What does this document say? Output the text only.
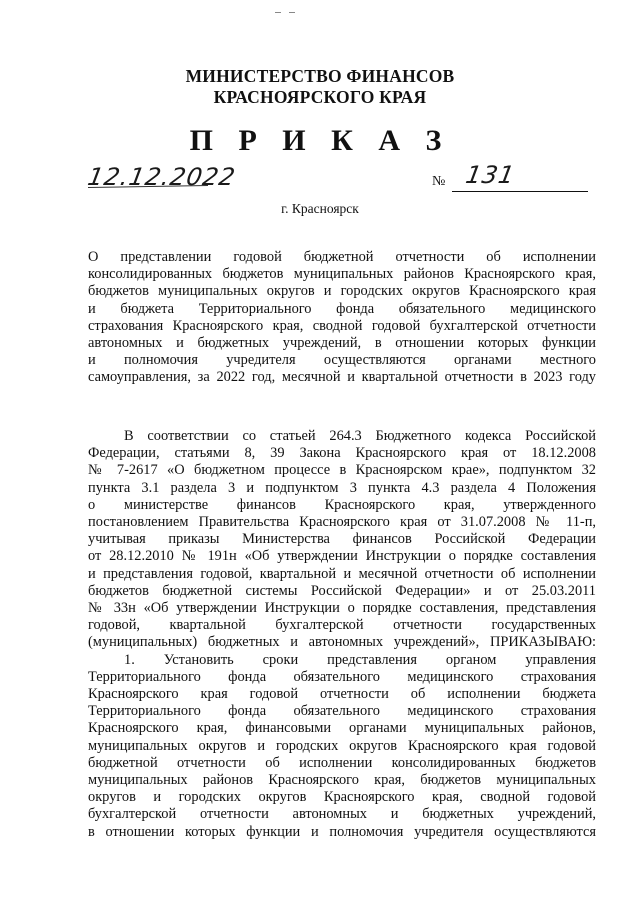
МИНИСТЕРСТВО ФИНАНСОВ
КРАСНОЯРСКОГО КРАЯ
П Р И К А З
12.12.2022	№ 131
г. Красноярск
О представлении годовой бюджетной отчетности об исполнении
консолидированных бюджетов муниципальных районов Красноярского края,
бюджетов муниципальных округов и городских округов Красноярского края
и бюджета Территориального фонда обязательного медицинского
страхования Красноярского края, сводной годовой бухгалтерской отчетности
автономных и бюджетных учреждений, в отношении которых функции
и полномочия учредителя осуществляются органами местного
самоуправления, за 2022 год, месячной и квартальной отчетности в 2023 году
В соответствии со статьей 264.3 Бюджетного кодекса Российской
Федерации, статьями 8, 39 Закона Красноярского края от 18.12.2008
№ 7-2617 «О бюджетном процессе в Красноярском крае», подпунктом 32
пункта 3.1 раздела 3 и подпунктом 3 пункта 4.3 раздела 4 Положения
о министерстве финансов Красноярского края, утвержденного
постановлением Правительства Красноярского края от 31.07.2008 № 11-п,
учитывая приказы Министерства финансов Российской Федерации
от 28.12.2010 № 191н «Об утверждении Инструкции о порядке составления
и представления годовой, квартальной и месячной отчетности об исполнении
бюджетов бюджетной системы Российской Федерации» и от 25.03.2011
№ 33н «Об утверждении Инструкции о порядке составления, представления
годовой, квартальной бухгалтерской отчетности государственных
(муниципальных) бюджетных и автономных учреждений», ПРИКАЗЫВАЮ:
1. Установить сроки представления органом управления
Территориального фонда обязательного медицинского страхования
Красноярского края годовой отчетности об исполнении бюджета
Территориального фонда обязательного медицинского страхования
Красноярского края, финансовыми органами муниципальных районов,
муниципальных округов и городских округов Красноярского края годовой
бюджетной отчетности об исполнении консолидированных бюджетов
муниципальных районов Красноярского края, бюджетов муниципальных
округов и городских округов Красноярского края, сводной годовой
бухгалтерской отчетности автономных и бюджетных учреждений,
в отношении которых функции и полномочия учредителя осуществляются
